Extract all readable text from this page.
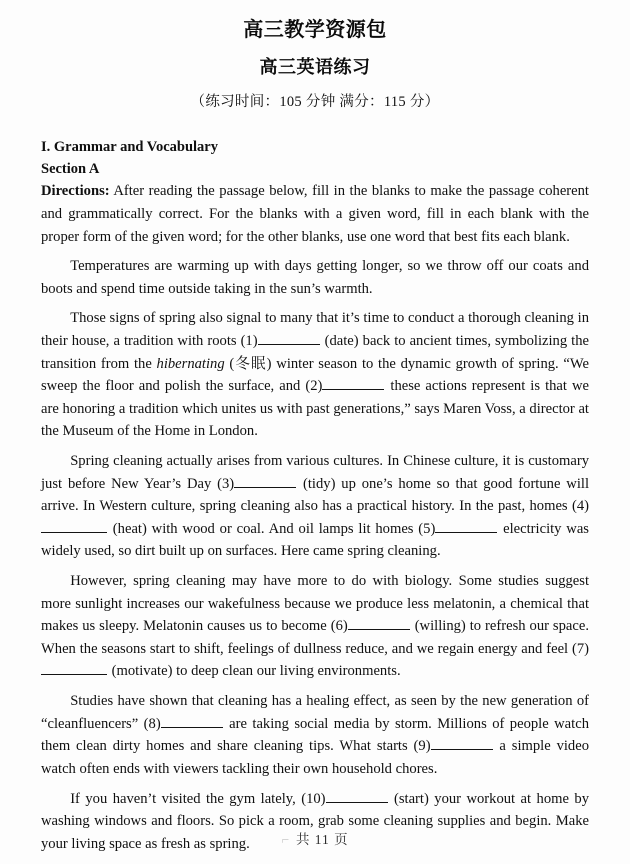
高三教学资源包
高三英语练习

（练习时间：105 分钟 满分：115 分）

I. Grammar and Vocabulary

Section A

Directions: After reading the passage below, fill in the blanks to make the passage coherent and grammatically correct. For the blanks with a given word, fill in each blank with the proper form of the given word; for the other blanks, use one word that best fits each blank.

Temperatures are warming up with days getting longer, so we throw off our coats and boots and spend time outside taking in the sun’s warmth.

Those signs of spring also signal to many that it’s time to conduct a thorough cleaning in their house, a tradition with roots (1)	(date) back to ancient times, symbolizing the transition from the hibernating (冬眠) winter season to the dynamic growth of spring. “We sweep the floor and polish the surface, and (2)	these actions represent is that we are honoring a tradition which unites us with past generations,” says Maren Voss, a director at the Museum of the Home in London.

Spring cleaning actually arises from various cultures. In Chinese culture, it is customary just before New Year’s Day (3)	(tidy) up one’s home so that good fortune will arrive. In Western culture, spring cleaning also has a practical history. In the past, homes (4) (heat) with wood or coal. And oil lamps lit homes (5)	electricity was widely used, so dirt built up on surfaces. Here came spring cleaning.

However, spring cleaning may have more to do with biology. Some studies suggest more sunlight increases our wakefulness because we produce less melatonin, a chemical that makes us sleepy. Melatonin causes us to become (6)	(willing) to refresh our space. When the seasons start to shift, feelings of dullness reduce, and we regain energy and feel (7) (motivate) to deep clean our living environments.

Studies have shown that cleaning has a healing effect, as seen by the new generation of “cleanfluencers” (8)	are taking social media by storm. Millions of people watch them clean dirty homes and share cleaning tips. What starts (9)	a simple video watch often ends with viewers tackling their own household chores.

If you haven’t visited the gym lately, (10)	(start) your workout at home by washing windows and floors. So pick a room, grab some cleaning supplies and begin. Make your living space as fresh as spring.	⌐ 共 11 页
